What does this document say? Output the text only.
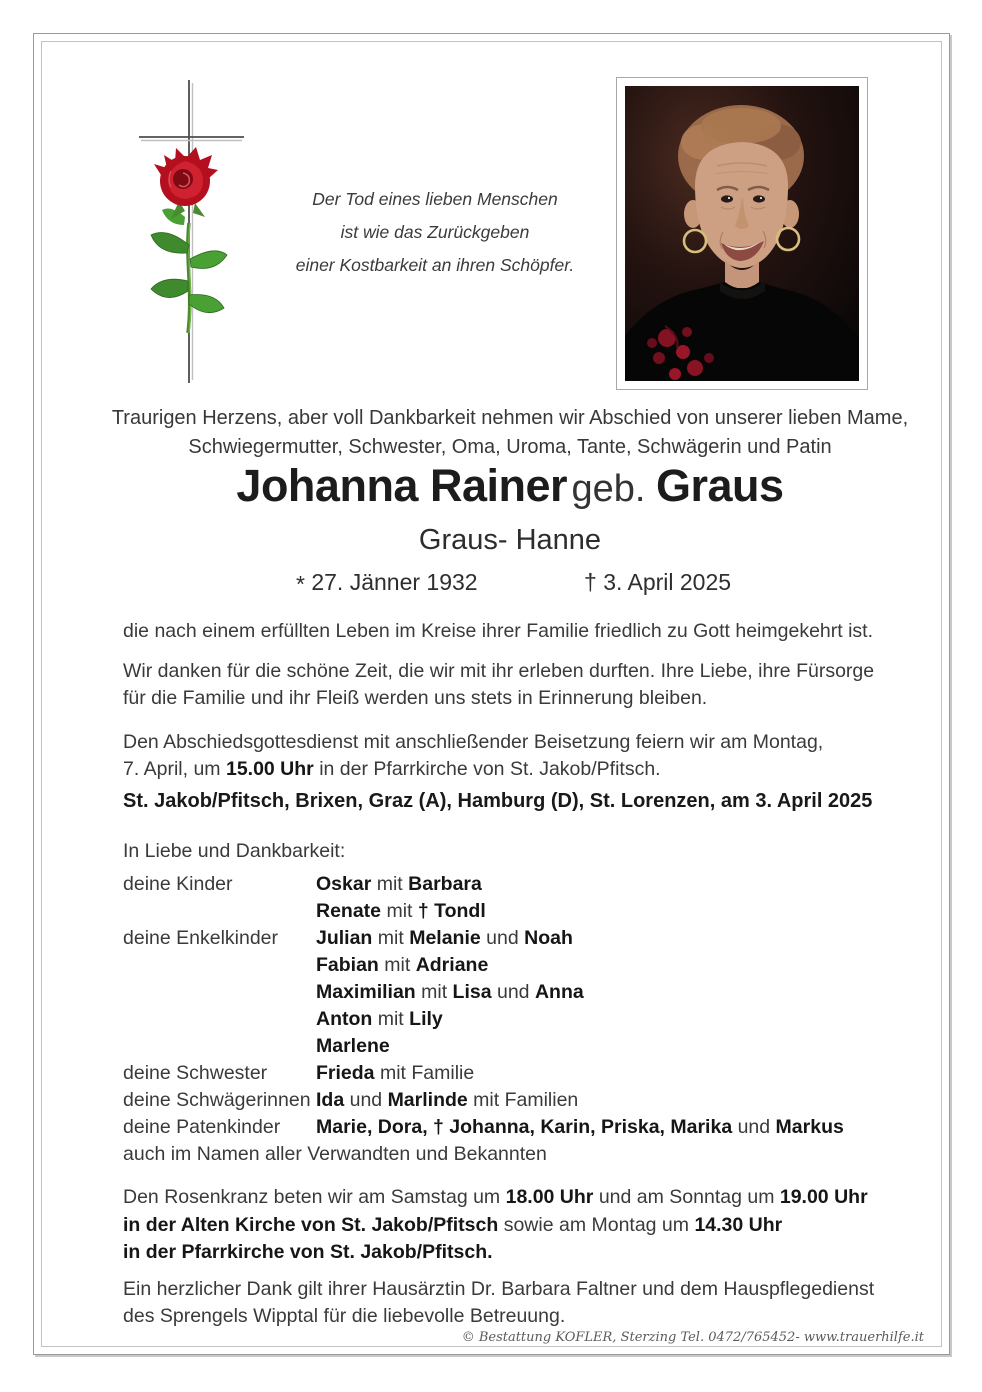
Der Tod eines lieben Menschen
ist wie das Zurückgeben
einer Kostbarkeit an ihren Schöpfer.
Traurigen Herzens, aber voll Dankbarkeit nehmen wir Abschied von unserer lieben Mame,
Schwiegermutter, Schwester, Oma, Uroma, Tante, Schwägerin und Patin
Johanna Rainer geb. Graus
Graus- Hanne
* 27. Jänner 1932	† 3. April 2025
die nach einem erfüllten Leben im Kreise ihrer Familie friedlich zu Gott heimgekehrt ist.
Wir danken für die schöne Zeit, die wir mit ihr erleben durften. Ihre Liebe, ihre Fürsorge
für die Familie und ihr Fleiß werden uns stets in Erinnerung bleiben.
Den Abschiedsgottesdienst mit anschließender Beisetzung feiern wir am Montag,
7. April, um 15.00 Uhr in der Pfarrkirche von St. Jakob/Pfitsch.
St. Jakob/Pfitsch, Brixen, Graz (A), Hamburg (D), St. Lorenzen, am 3. April 2025
In Liebe und Dankbarkeit:
deine Kinder	Oskar mit Barbara
Renate mit † Tondl
deine Enkelkinder	Julian mit Melanie und Noah
Fabian mit Adriane
Maximilian mit Lisa und Anna
Anton mit Lily
Marlene
deine Schwester	Frieda mit Familie
deine Schwägerinnen Ida und Marlinde mit Familien
deine Patenkinder	Marie, Dora, † Johanna, Karin, Priska, Marika und Markus
auch im Namen aller Verwandten und Bekannten
Den Rosenkranz beten wir am Samstag um 18.00 Uhr und am Sonntag um 19.00 Uhr
in der Alten Kirche von St. Jakob/Pfitsch sowie am Montag um 14.30 Uhr
in der Pfarrkirche von St. Jakob/Pfitsch.
Ein herzlicher Dank gilt ihrer Hausärztin Dr. Barbara Faltner und dem Hauspflegedienst
des Sprengels Wipptal für die liebevolle Betreuung.
© Bestattung KOFLER, Sterzing Tel. 0472/765452- www.trauerhilfe.it
